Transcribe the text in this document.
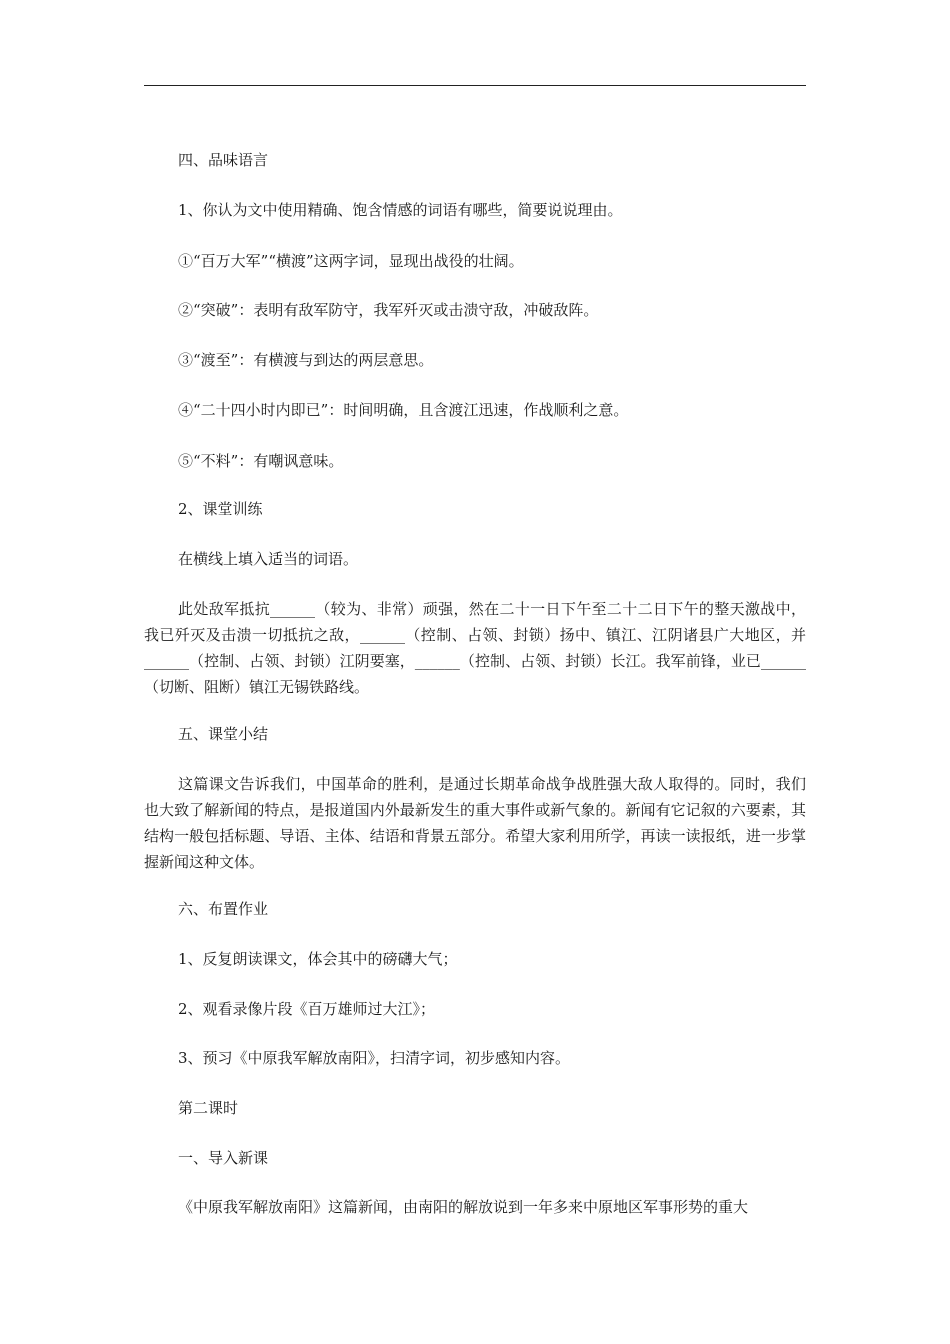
四、品味语言
1、你认为文中使用精确、饱含情感的词语有哪些，简要说说理由。
①“百万大军”“横渡”这两字词，显现出战役的壮阔。
②“突破”：表明有敌军防守，我军歼灭或击溃守敌，冲破敌阵。
③“渡至”：有横渡与到达的两层意思。
④“二十四小时内即已”：时间明确，且含渡江迅速，作战顺利之意。
⑤“不料”：有嘲讽意味。
2、课堂训练
在横线上填入适当的词语。
此处敌军抵抗______（较为、非常）顽强，然在二十一日下午至二十二日下午的整天激战中，我已歼灭及击溃一切抵抗之敌，______（控制、占领、封锁）扬中、镇江、江阴诸县广大地区，并______（控制、占领、封锁）江阴要塞，______（控制、占领、封锁）长江。我军前锋，业已______（切断、阻断）镇江无锡铁路线。
五、课堂小结
这篇课文告诉我们，中国革命的胜利，是通过长期革命战争战胜强大敌人取得的。同时，我们也大致了解新闻的特点，是报道国内外最新发生的重大事件或新气象的。新闻有它记叙的六要素，其结构一般包括标题、导语、主体、结语和背景五部分。希望大家利用所学，再读一读报纸，进一步掌握新闻这种文体。
六、布置作业
1、反复朗读课文，体会其中的磅礴大气；
2、观看录像片段《百万雄师过大江》；
3、预习《中原我军解放南阳》，扫清字词，初步感知内容。
第二课时
一、导入新课
《中原我军解放南阳》这篇新闻，由南阳的解放说到一年多来中原地区军事形势的重大
